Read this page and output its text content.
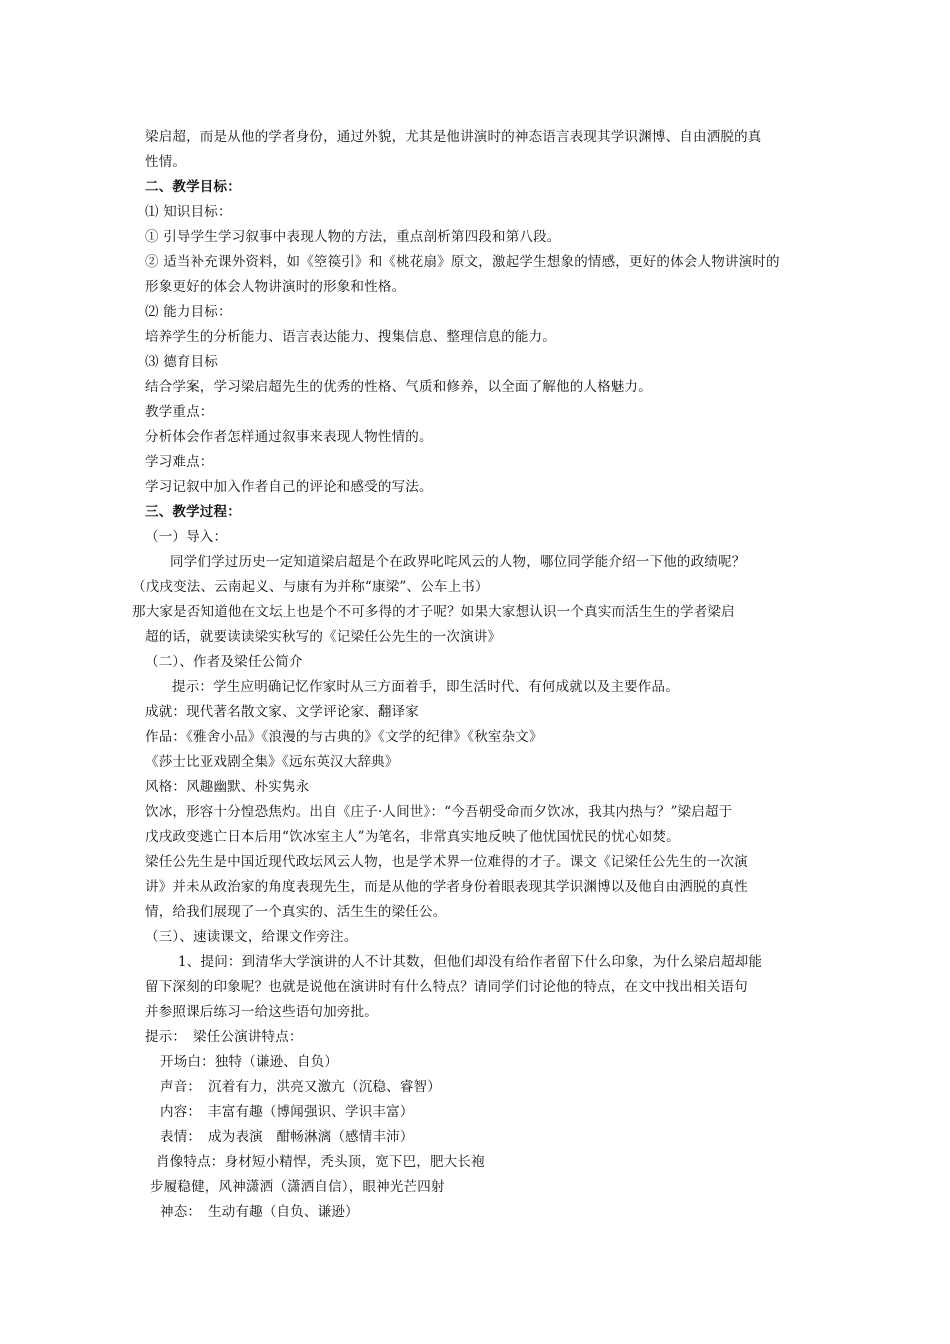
梁启超，而是从他的学者身份，通过外貌，尤其是他讲演时的神态语言表现其学识渊博、自由洒脱的真
性情。
二、教学目标：
⑴ 知识目标：
① 引导学生学习叙事中表现人物的方法，重点剖析第四段和第八段。
② 适当补充课外资料，如《箜篌引》和《桃花扇》原文，激起学生想象的情感，更好的体会人物讲演时的
形象更好的体会人物讲演时的形象和性格。
⑵ 能力目标：
培养学生的分析能力、语言表达能力、搜集信息、整理信息的能力。
⑶ 德育目标
结合学案，学习梁启超先生的优秀的性格、气质和修养，以全面了解他的人格魅力。
教学重点：
分析体会作者怎样通过叙事来表现人物性情的。
学习难点：
学习记叙中加入作者自己的评论和感受的写法。
三、教学过程：
（一）导入：
同学们学过历史一定知道梁启超是个在政界叱咤风云的人物，哪位同学能介绍一下他的政绩呢？
（戊戌变法、云南起义、与康有为并称“康梁”、公车上书）
那大家是否知道他在文坛上也是个不可多得的才子呢？如果大家想认识一个真实而活生生的学者梁启
超的话，就要读读梁实秋写的《记梁任公先生的一次演讲》
（二）、作者及梁任公简介
提示：学生应明确记忆作家时从三方面着手，即生活时代、有何成就以及主要作品。
成就：现代著名散文家、文学评论家、翻译家
作品：《雅舍小品》《浪漫的与古典的》《文学的纪律》《秋室杂文》
《莎士比亚戏剧全集》《远东英汉大辞典》
风格：风趣幽默、朴实隽永
饮冰，形容十分惶恐焦灼。出自《庄子·人间世》：“今吾朝受命而夕饮冰，我其内热与？”梁启超于
戊戌政变逃亡日本后用“饮冰室主人”为笔名，非常真实地反映了他忧国忧民的忧心如焚。
梁任公先生是中国近现代政坛风云人物，也是学术界一位难得的才子。课文《记梁任公先生的一次演
讲》并未从政治家的角度表现先生，而是从他的学者身份着眼表现其学识渊博以及他自由洒脱的真性
情，给我们展现了一个真实的、活生生的梁任公。
（三）、速读课文，给课文作旁注。
1、提问：到清华大学演讲的人不计其数，但他们却没有给作者留下什么印象，为什么梁启超却能
留下深刻的印象呢？也就是说他在演讲时有什么特点？请同学们讨论他的特点，在文中找出相关语句
并参照课后练习一给这些语句加旁批。
提示：　梁任公演讲特点：
开场白：独特（谦逊、自负）
声音：　沉着有力，洪亮又激亢（沉稳、睿智）
内容：　丰富有趣（博闻强识、学识丰富）
表情：　成为表演　酣畅淋漓（感情丰沛）
肖像特点：身材短小精悍，秃头顶，宽下巴，肥大长袍
步履稳健，风神潇洒（潇洒自信），眼神光芒四射
神态：　生动有趣（自负、谦逊）
